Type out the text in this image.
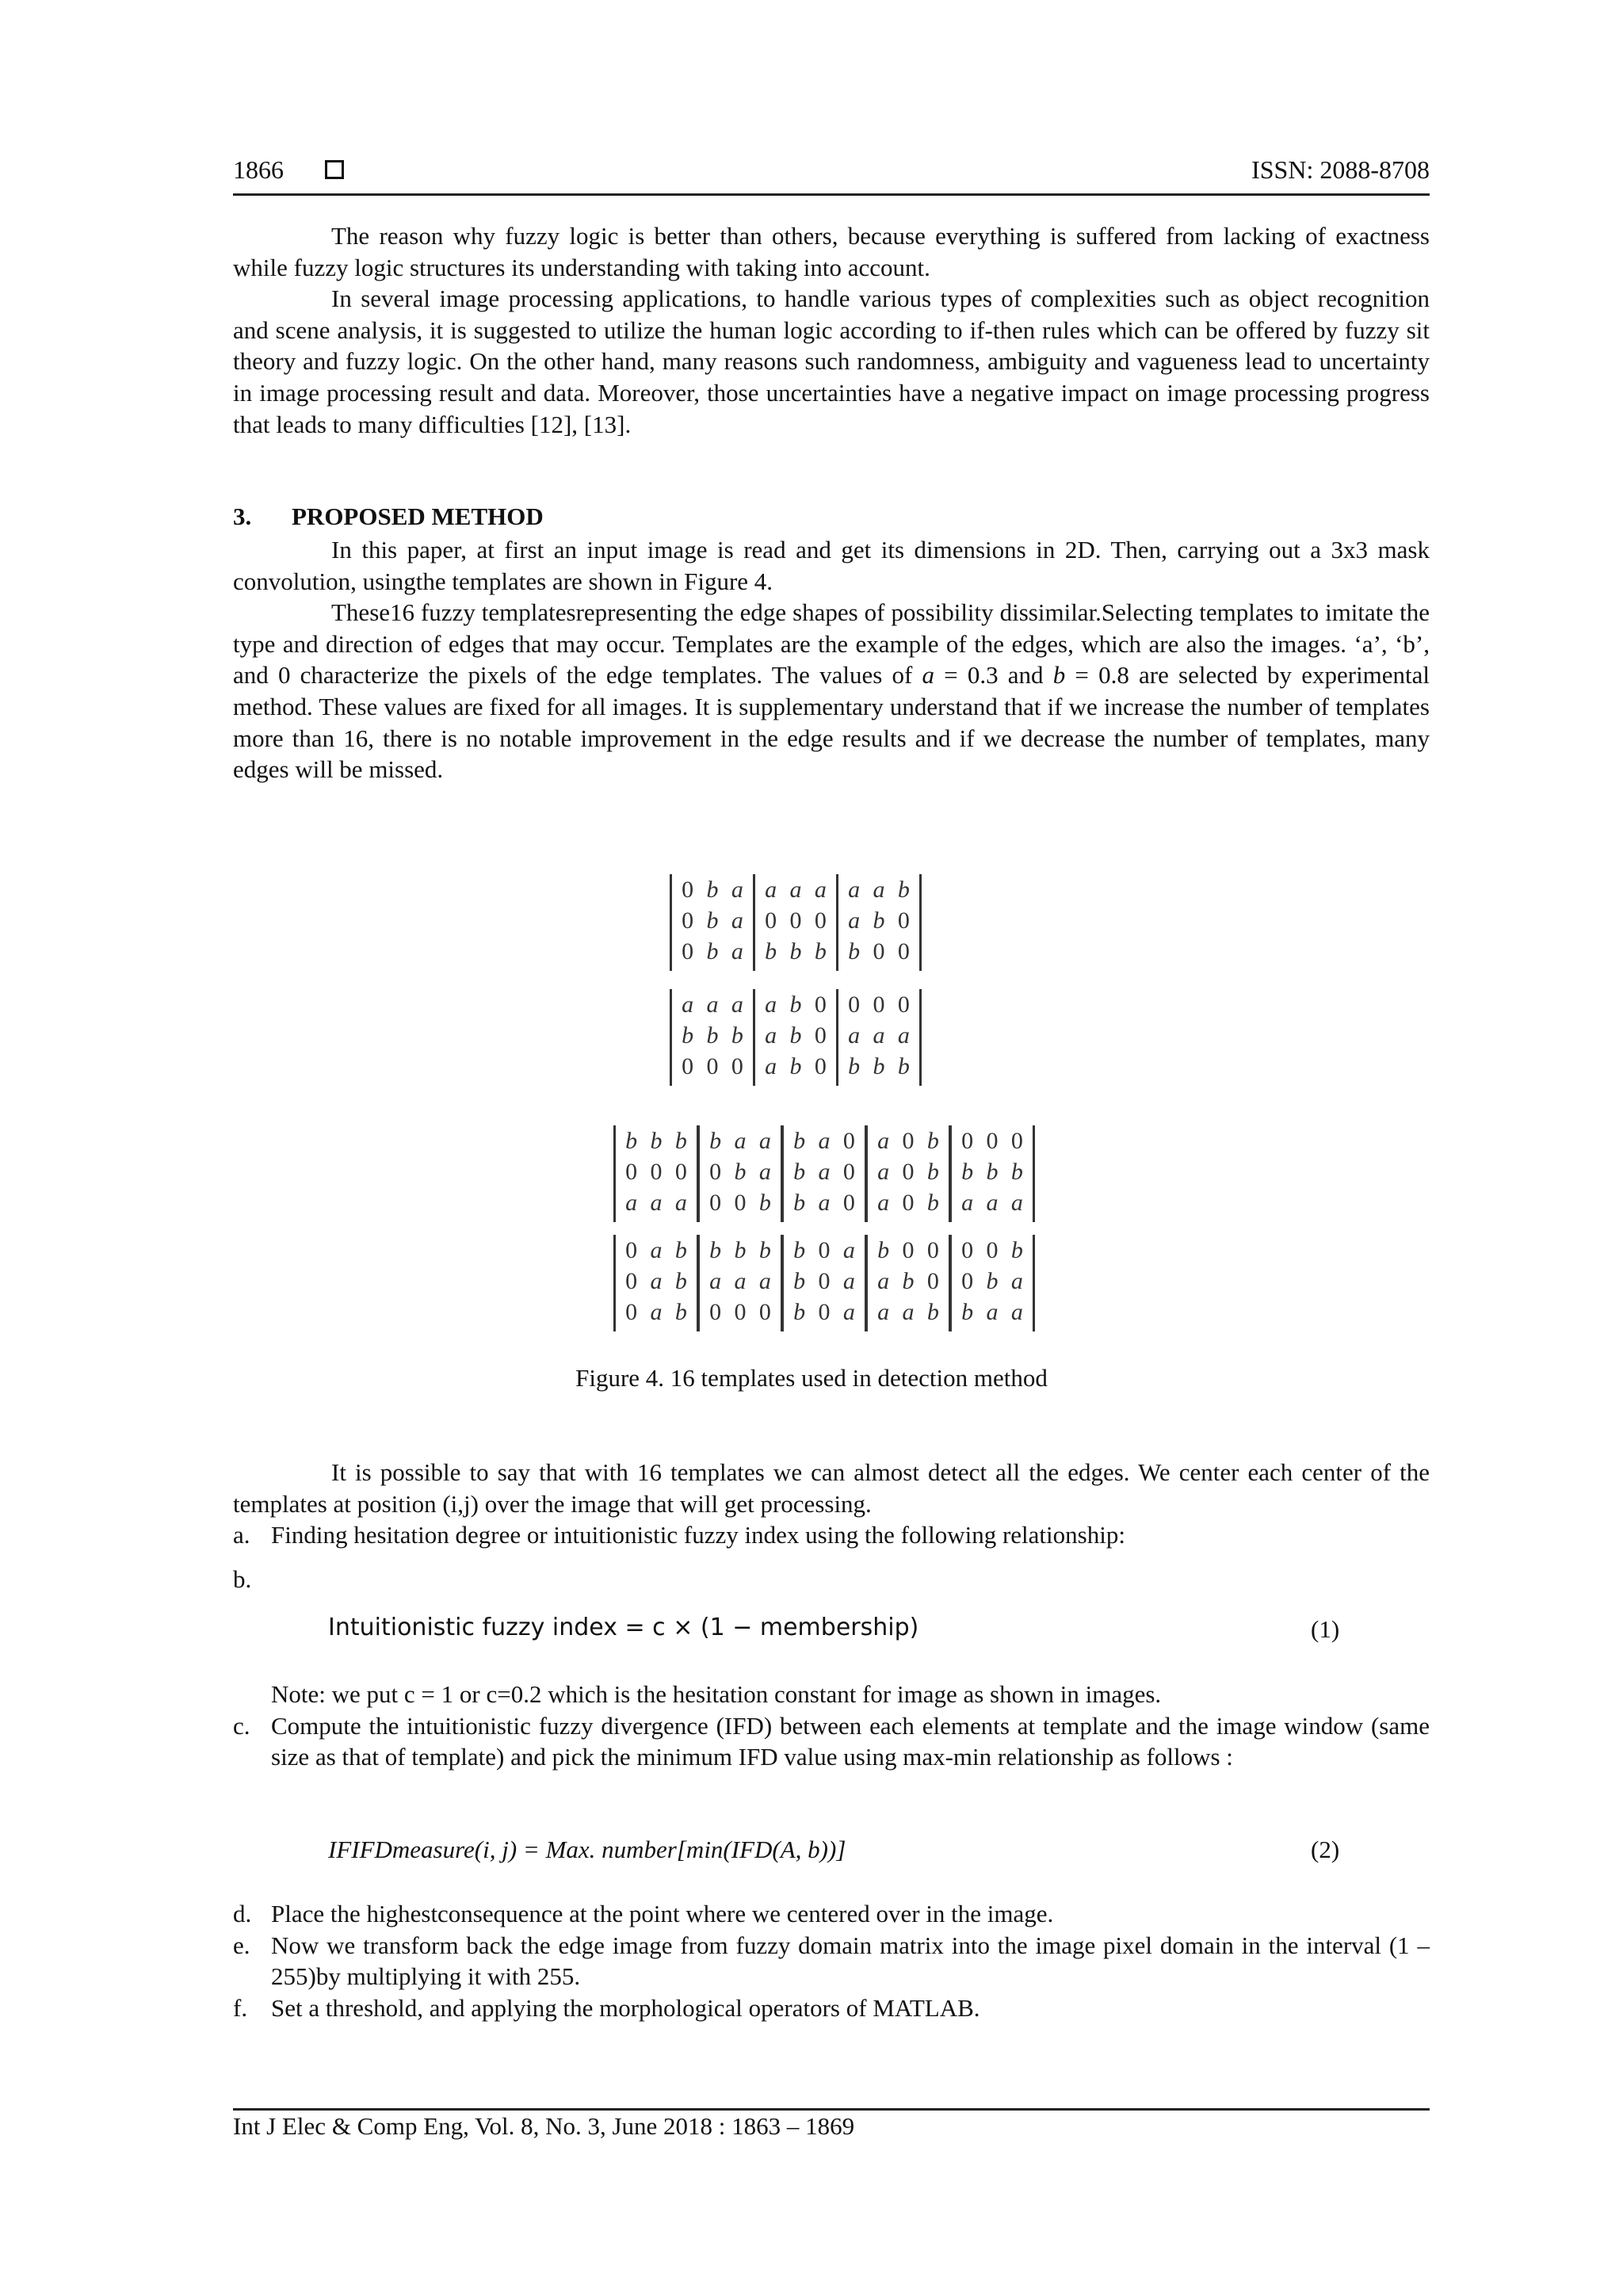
1866	ISSN: 2088-8708

The reason why fuzzy logic is better than others, because everything is suffered from lacking of exactness while fuzzy logic structures its understanding with taking into account.

In several image processing applications, to handle various types of complexities such as object recognition and scene analysis, it is suggested to utilize the human logic according to if-then rules which can be offered by fuzzy sit theory and fuzzy logic. On the other hand, many reasons such randomness, ambiguity and vagueness lead to uncertainty in image processing result and data. Moreover, those uncertainties have a negative impact on image processing progress that leads to many difficulties [12], [13].

3. PROPOSED METHOD

In this paper, at first an input image is read and get its dimensions in 2D. Then, carrying out a 3x3 mask convolution, usingthe templates are shown in Figure 4.

These16 fuzzy templatesrepresenting the edge shapes of possibility dissimilar.Selecting templates to imitate the type and direction of edges that may occur. Templates are the example of the edges, which are also the images. ‘a’, ‘b’, and 0 characterize the pixels of the edge templates. The values of a = 0.3 and b = 0.8 are selected by experimental method. These values are fixed for all images. It is supplementary understand that if we increase the number of templates more than 16, there is no notable improvement in the edge results and if we decrease the number of templates, many edges will be missed.

0 b a
0 b a
0 b a
a a a
0 0 0
b b b
a a b
a b 0
b 0 0
a a a
b b b
0 0 0
a b 0
a b 0
a b 0
0 0 0
a a a
b b b
b b b
0 0 0
a a a
b a a
0 b a
0 0 b
b a 0
b a 0
b a 0
a 0 b
a 0 b
a 0 b
0 0 0
b b b
a a a
0 a b
0 a b
0 a b
b b b
a a a
0 0 0
b 0 a
b 0 a
b 0 a
b 0 0
a b 0
a a b
0 0 b
0 b a
b a a
Figure 4. 16 templates used in detection method

It is possible to say that with 16 templates we can almost detect all the edges. We center each center of the templates at position (i,j) over the image that will get processing.

a. Finding hesitation degree or intuitionistic fuzzy index using the following relationship:
b.
Intuitionistic fuzzy index = c × (1 − membership)	(1)
Note: we put c = 1 or c=0.2 which is the hesitation constant for image as shown in images.
c. Compute the intuitionistic fuzzy divergence (IFD) between each elements at template and the image window (same size as that of template) and pick the minimum IFD value using max-min relationship as follows :
IFIFDmeasure(i, j) = Max. number[min(IFD(A, b))]	(2)
d. Place the highestconsequence at the point where we centered over in the image.
e. Now we transform back the edge image from fuzzy domain matrix into the image pixel domain in the interval (1 – 255)by multiplying it with 255.
f. Set a threshold, and applying the morphological operators of MATLAB.
Int J Elec & Comp Eng, Vol. 8, No. 3, June 2018 : 1863 – 1869
